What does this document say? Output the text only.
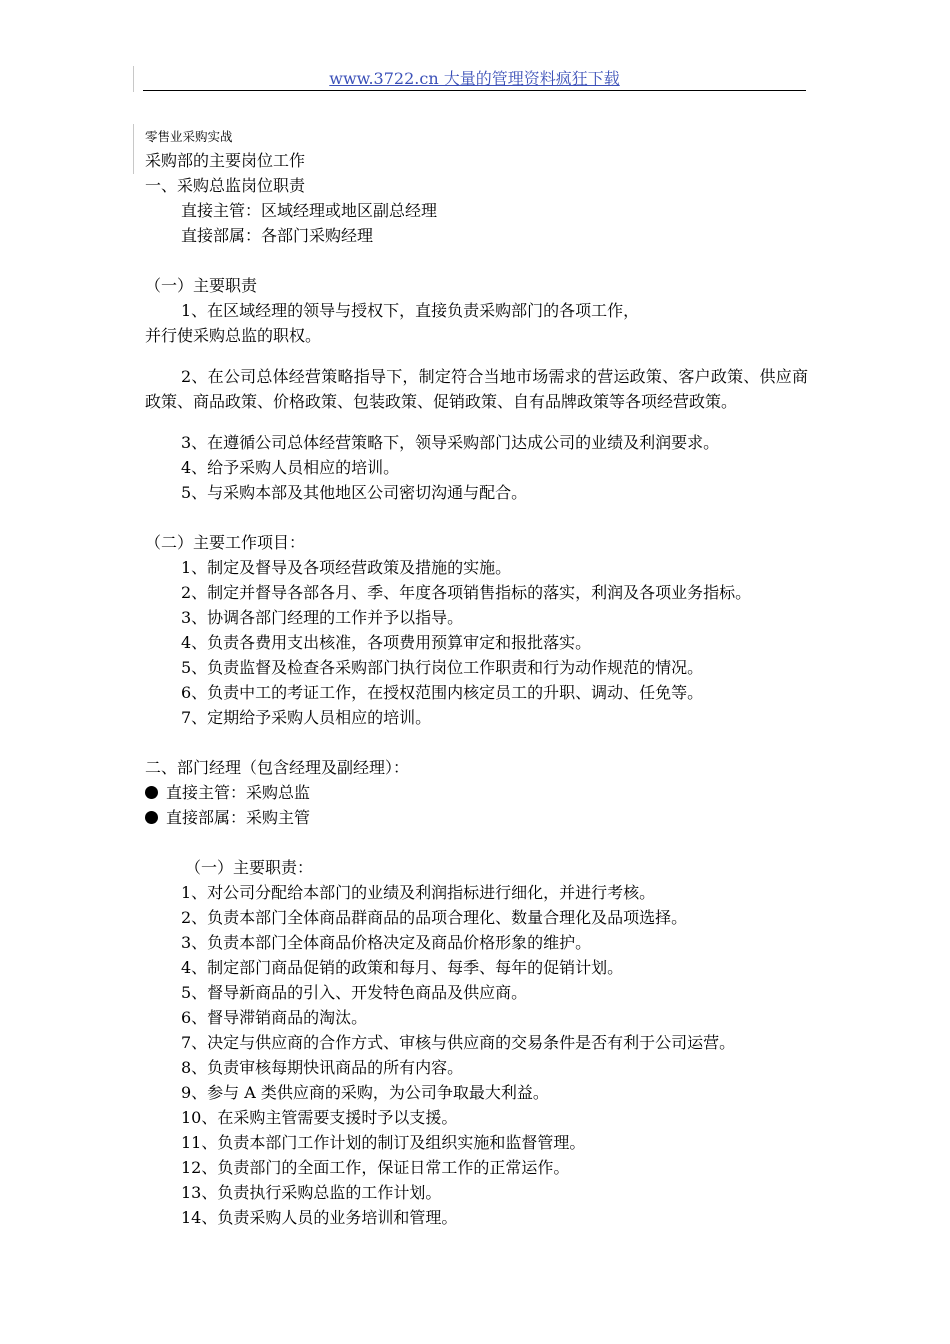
www.3722.cn 大量的管理资料疯狂下载
零售业采购实战

采购部的主要岗位工作

一、采购总监岗位职责

直接主管：区域经理或地区副总经理

直接部属：各部门采购经理

（一）主要职责

1、在区域经理的领导与授权下，直接负责采购部门的各项工作，

并行使采购总监的职权。

2、在公司总体经营策略指导下，制定符合当地市场需求的营运政策、客户政策、供应商政策、商品政策、价格政策、包装政策、促销政策、自有品牌政策等各项经营政策。

3、在遵循公司总体经营策略下，领导采购部门达成公司的业绩及利润要求。

4、给予采购人员相应的培训。

5、与采购本部及其他地区公司密切沟通与配合。

（二）主要工作项目：

1、制定及督导及各项经营政策及措施的实施。

2、制定并督导各部各月、季、年度各项销售指标的落实，利润及各项业务指标。

3、协调各部门经理的工作并予以指导。

4、负责各费用支出核准，各项费用预算审定和报批落实。

5、负责监督及检查各采购部门执行岗位工作职责和行为动作规范的情况。

6、负责中工的考证工作，在授权范围内核定员工的升职、调动、任免等。

7、定期给予采购人员相应的培训。

二、部门经理（包含经理及副经理）：

直接主管：采购总监

直接部属：采购主管

（一）主要职责：

1、对公司分配给本部门的业绩及利润指标进行细化，并进行考核。

2、负责本部门全体商品群商品的品项合理化、数量合理化及品项选择。

3、负责本部门全体商品价格决定及商品价格形象的维护。

4、制定部门商品促销的政策和每月、每季、每年的促销计划。

5、督导新商品的引入、开发特色商品及供应商。

6、督导滞销商品的淘汰。

7、决定与供应商的合作方式、审核与供应商的交易条件是否有利于公司运营。

8、负责审核每期快讯商品的所有内容。

9、参与 A 类供应商的采购，为公司争取最大利益。

10、在采购主管需要支援时予以支援。

11、负责本部门工作计划的制订及组织实施和监督管理。

12、负责部门的全面工作，保证日常工作的正常运作。

13、负责执行采购总监的工作计划。

14、负责采购人员的业务培训和管理。
